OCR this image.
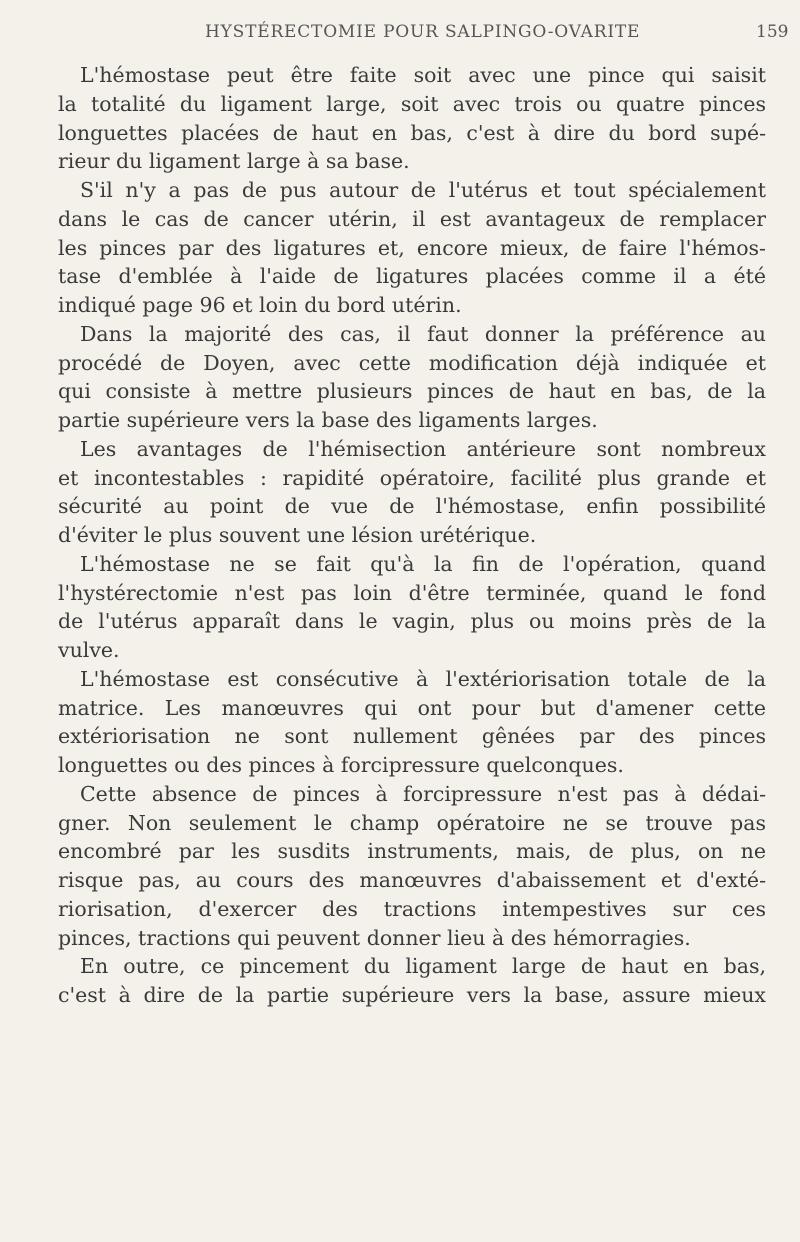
HYSTÉRECTOMIE POUR SALPINGO-OVARITE	159
L'hémostase peut être faite soit avec une pince qui saisit
la totalité du ligament large, soit avec trois ou quatre pinces
longuettes placées de haut en bas, c'est à dire du bord supé-
rieur du ligament large à sa base.
S'il n'y a pas de pus autour de l'utérus et tout spécialement
dans le cas de cancer utérin, il est avantageux de remplacer
les pinces par des ligatures et, encore mieux, de faire l'hémos-
tase d'emblée à l'aide de ligatures placées comme il a été
indiqué page 96 et loin du bord utérin.
Dans la majorité des cas, il faut donner la préférence au
procédé de Doyen, avec cette modification déjà indiquée et
qui consiste à mettre plusieurs pinces de haut en bas, de la
partie supérieure vers la base des ligaments larges.
Les avantages de l'hémisection antérieure sont nombreux
et incontestables : rapidité opératoire, facilité plus grande et
sécurité au point de vue de l'hémostase, enfin possibilité
d'éviter le plus souvent une lésion urétérique.
L'hémostase ne se fait qu'à la fin de l'opération, quand
l'hystérectomie n'est pas loin d'être terminée, quand le fond
de l'utérus apparaît dans le vagin, plus ou moins près de la
vulve.
L'hémostase est consécutive à l'extériorisation totale de la
matrice. Les manœuvres qui ont pour but d'amener cette
extériorisation ne sont nullement gênées par des pinces
longuettes ou des pinces à forcipressure quelconques.
Cette absence de pinces à forcipressure n'est pas à dédai-
gner. Non seulement le champ opératoire ne se trouve pas
encombré par les susdits instruments, mais, de plus, on ne
risque pas, au cours des manœuvres d'abaissement et d'exté-
riorisation, d'exercer des tractions intempestives sur ces
pinces, tractions qui peuvent donner lieu à des hémorragies.
En outre, ce pincement du ligament large de haut en bas,
c'est à dire de la partie supérieure vers la base, assure mieux
